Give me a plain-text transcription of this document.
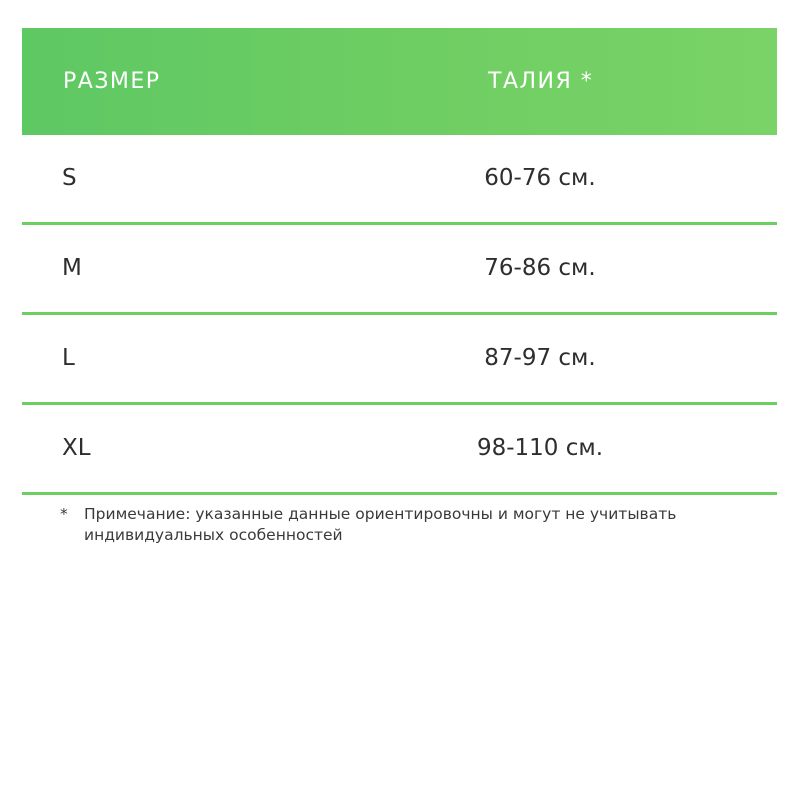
РАЗМЕР	ТАЛИЯ *
S	60-76 см.
M	76-86 см.
L	87-97 см.
XL	98-110 см.
* Примечание: указанные данные ориентировочны и могут не учитывать индивидуальных особенностей
